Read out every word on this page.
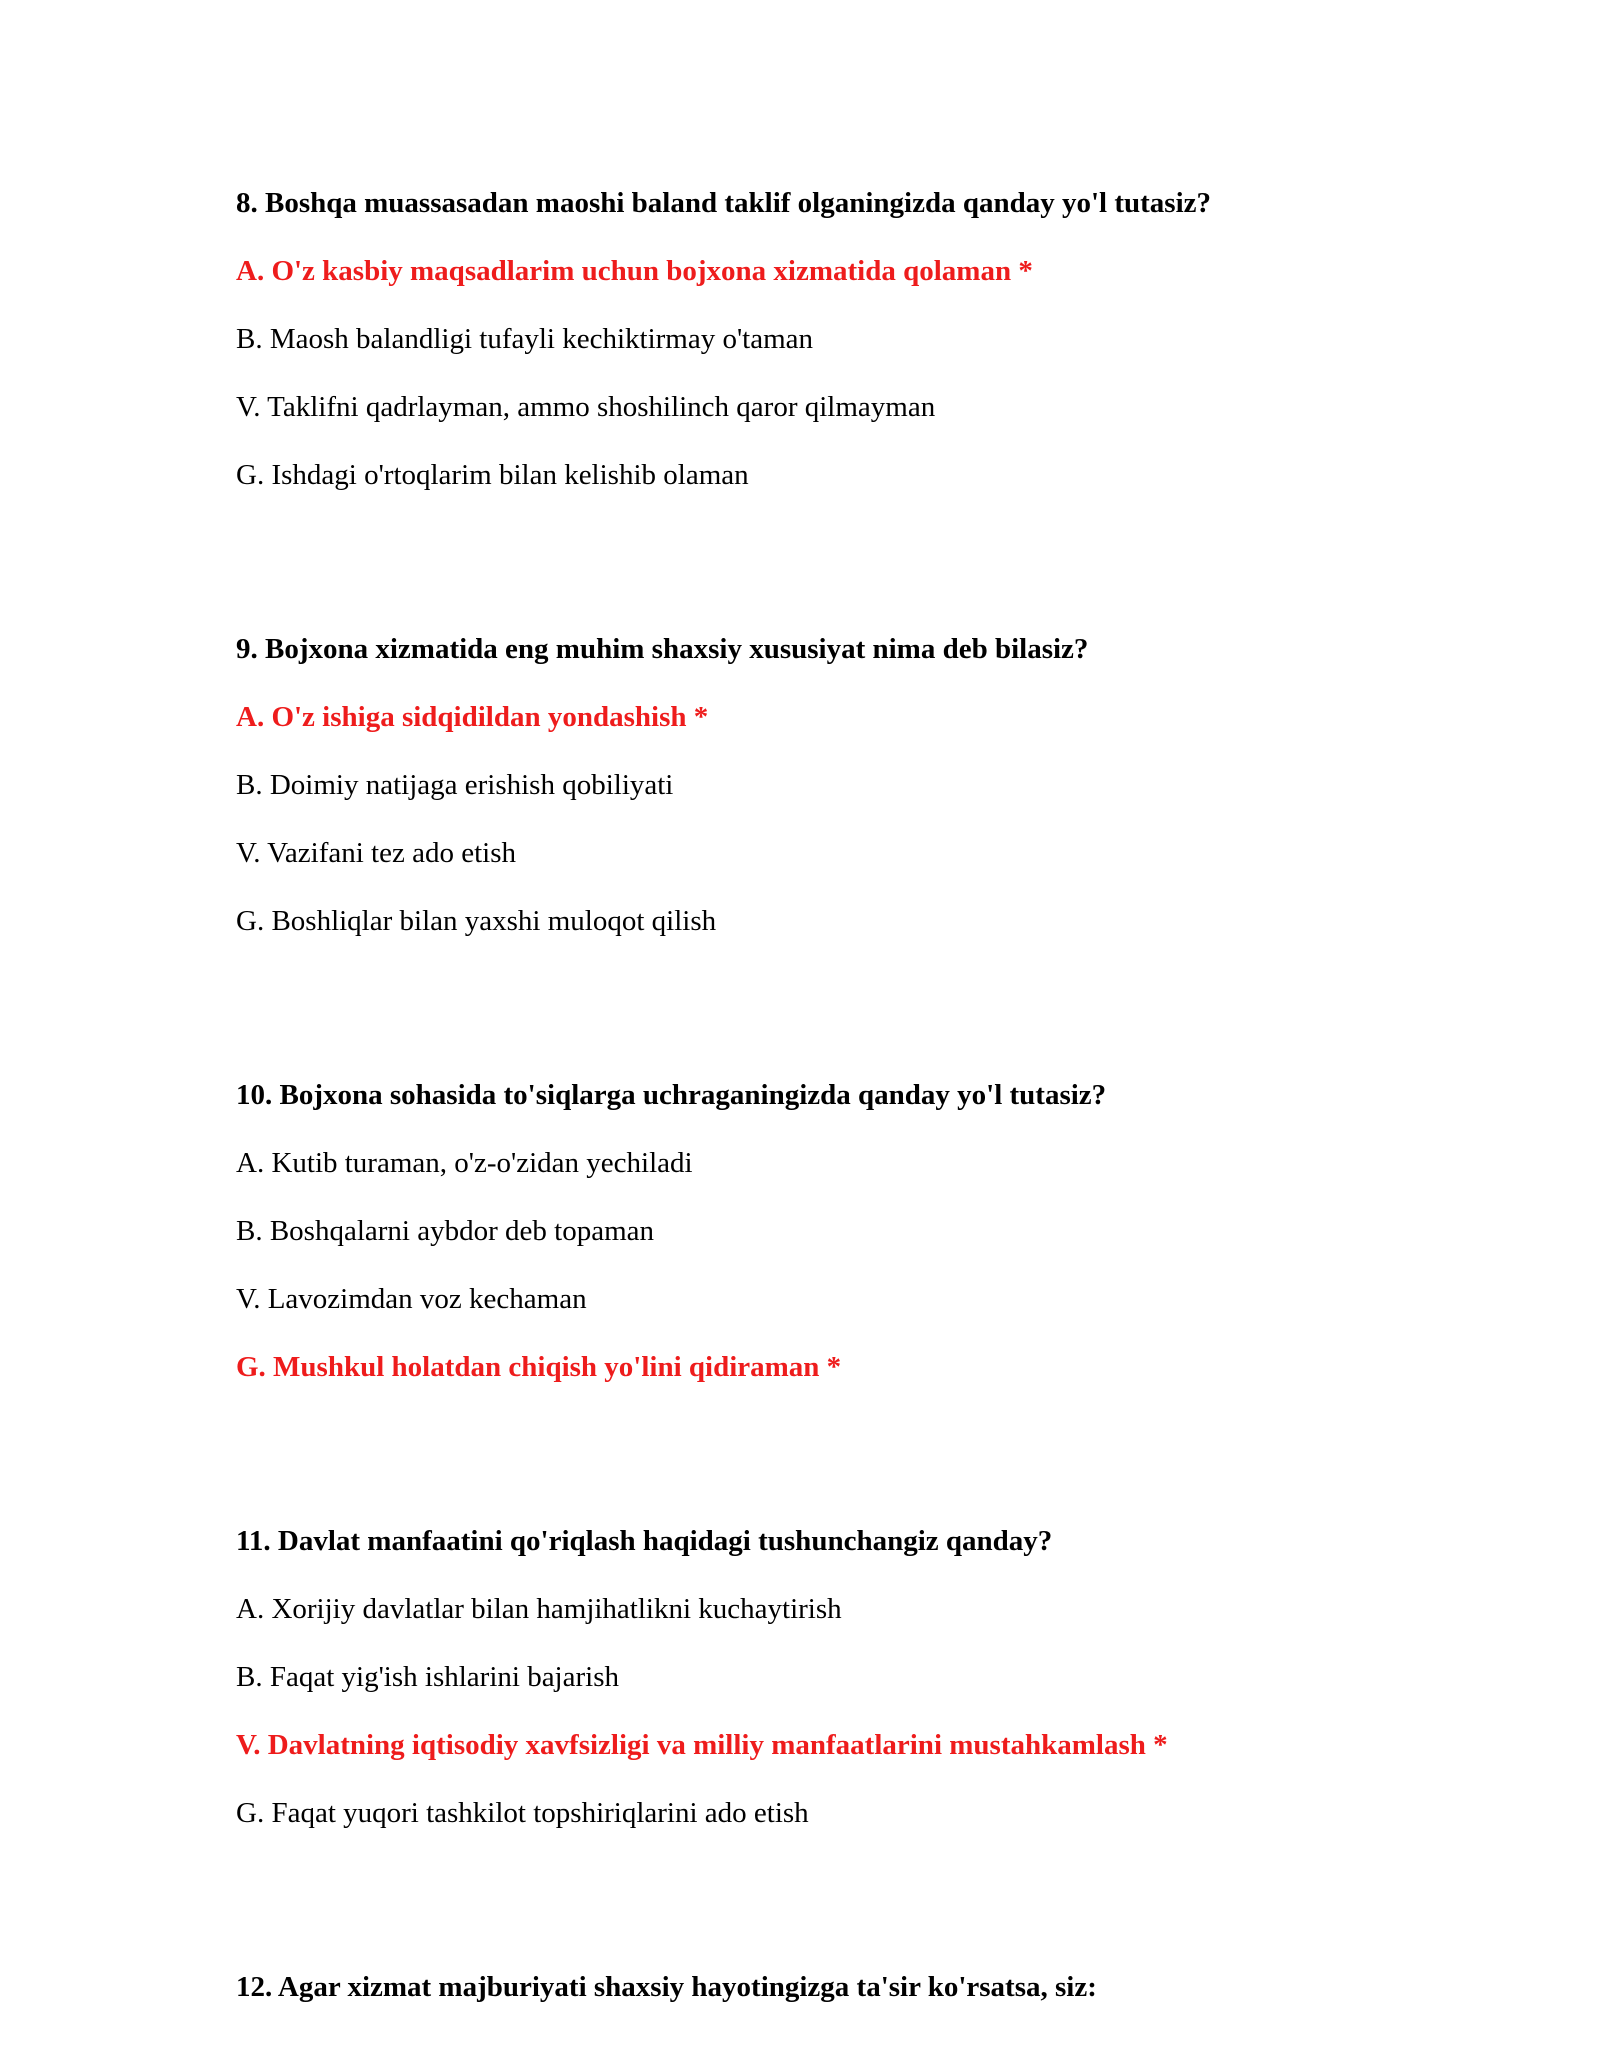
8. Boshqa muassasadan maoshi baland taklif olganingizda qanday yo'l tutasiz?

A. O'z kasbiy maqsadlarim uchun bojxona xizmatida qolaman *

B. Maosh balandligi tufayli kechiktirmay o'taman

V. Taklifni qadrlayman, ammo shoshilinch qaror qilmayman

G. Ishdagi o'rtoqlarim bilan kelishib olaman

9. Bojxona xizmatida eng muhim shaxsiy xususiyat nima deb bilasiz?

A. O'z ishiga sidqidildan yondashish *

B. Doimiy natijaga erishish qobiliyati

V. Vazifani tez ado etish

G. Boshliqlar bilan yaxshi muloqot qilish

10. Bojxona sohasida to'siqlarga uchraganingizda qanday yo'l tutasiz?

A. Kutib turaman, o'z-o'zidan yechiladi

B. Boshqalarni aybdor deb topaman

V. Lavozimdan voz kechaman

G. Mushkul holatdan chiqish yo'lini qidiraman *

11. Davlat manfaatini qo'riqlash haqidagi tushunchangiz qanday?

A. Xorijiy davlatlar bilan hamjihatlikni kuchaytirish

B. Faqat yig'ish ishlarini bajarish

V. Davlatning iqtisodiy xavfsizligi va milliy manfaatlarini mustahkamlash *

G. Faqat yuqori tashkilot topshiriqlarini ado etish

12. Agar xizmat majburiyati shaxsiy hayotingizga ta'sir ko'rsatsa, siz:
